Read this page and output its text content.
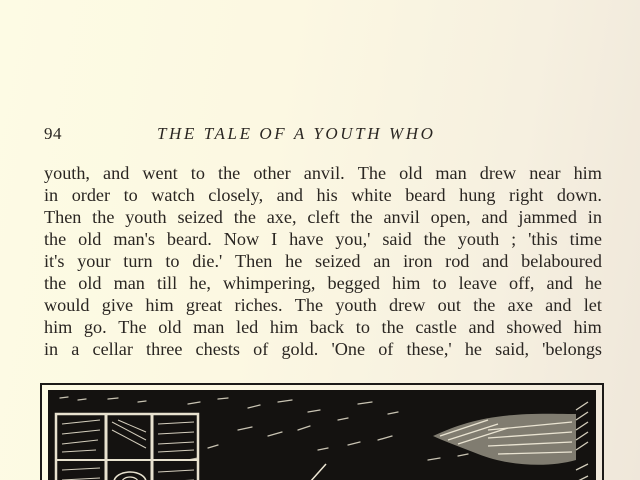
94	THE TALE OF A YOUTH WHO
youth, and went to the other anvil. The old man drew near him
in order to watch closely, and his white beard hung right down.
Then the youth seized the axe, cleft the anvil open, and jammed in
the old man's beard. Now I have you,' said the youth ; 'this time
it's your turn to die.' Then he seized an iron rod and belaboured
the old man till he, whimpering, begged him to leave off, and he
would give him great riches. The youth drew out the axe and let
him go. The old man led him back to the castle and showed him
in a cellar three chests of gold. 'One of these,' he said, 'belongs
